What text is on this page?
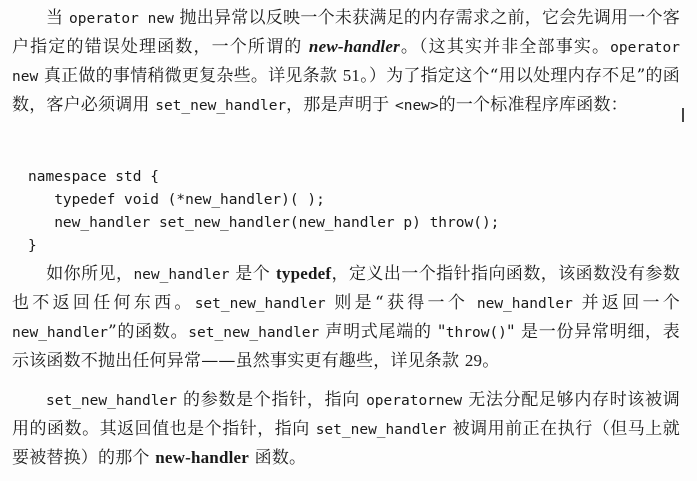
当 operator new 抛出异常以反映一个未获满足的内存需求之前，它会先调用一个客户指定的错误处理函数，一个所谓的 new-handler。（这其实并非全部事实。operator new 真正做的事情稍微更复杂些。详见条款 51。）为了指定这个“用以处理内存不足”的函数，客户必须调用 set_new_handler，那是声明于 <new>的一个标准程序库函数：

namespace std {
typedef void (*new_handler)( );
new_handler set_new_handler(new_handler p) throw();
}

如你所见，new_handler 是个 typedef，定义出一个指针指向函数，该函数没有参数也不返回任何东西。set_new_handler 则是“获得一个 new_handler 并返回一个 new_handler”的函数。set_new_handler 声明式尾端的 "throw()" 是一份异常明细，表示该函数不抛出任何异常——虽然事实更有趣些，详见条款 29。

set_new_handler 的参数是个指针，指向 operatornew 无法分配足够内存时该被调用的函数。其返回值也是个指针，指向 set_new_handler 被调用前正在执行（但马上就要被替换）的那个 new-handler 函数。
